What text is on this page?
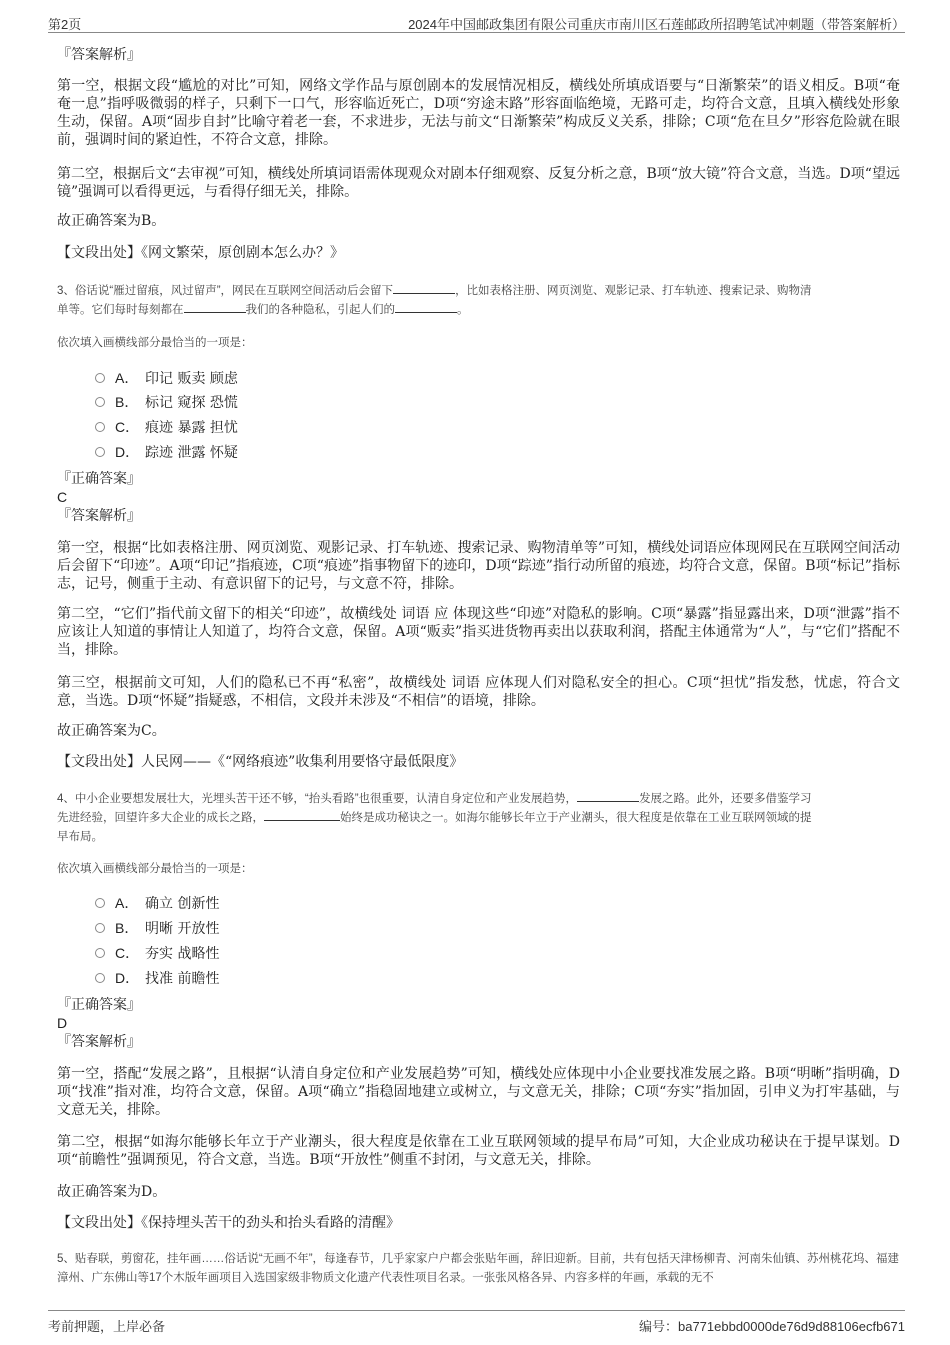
第2页	2024年中国邮政集团有限公司重庆市南川区石莲邮政所招聘笔试冲刺题（带答案解析）
『答案解析』

第一空，根据文段“尴尬的对比”可知，网络文学作品与原创剧本的发展情况相反，横线处所填成语要与“日渐繁荣”的语义相反。B项“奄奄一息”指呼吸微弱的样子，只剩下一口气，形容临近死亡，D项“穷途末路”形容面临绝境，无路可走，均符合文意，且填入横线处形象生动，保留。A项“固步自封”比喻守着老一套，不求进步，无法与前文“日渐繁荣”构成反义关系，排除；C项“危在旦夕”形容危险就在眼前，强调时间的紧迫性，不符合文意，排除。

第二空，根据后文“去审视”可知，横线处所填词语需体现观众对剧本仔细观察、反复分析之意，B项“放大镜”符合文意，当选。D项“望远镜”强调可以看得更远，与看得仔细无关，排除。

故正确答案为B。
【文段出处】《网文繁荣，原创剧本怎么办？》
3、俗话说“雁过留痕，风过留声”，网民在互联网空间活动后会留下	，比如表格注册、网页浏览、观影记录、打车轨迹、搜索记录、购物清
单等。它们每时每刻都在	我们的各种隐私，引起人们的	。
依次填入画横线部分最恰当的一项是：
A． 印记 贩卖 顾虑
B． 标记 窥探 恐慌
C． 痕迹 暴露 担忧
D． 踪迹 泄露 怀疑
『正确答案』
C
『答案解析』

第一空，根据“比如表格注册、网页浏览、观影记录、打车轨迹、搜索记录、购物清单等”可知，横线处词语应体现网民在互联网空间活动后会留下“印迹”。A项“印记”指痕迹，C项“痕迹”指事物留下的迹印，D项“踪迹”指行动所留的痕迹，均符合文意，保留。B项“标记”指标志，记号，侧重于主动、有意识留下的记号，与文意不符，排除。

第二空，“它们”指代前文留下的相关“印迹”，故横线处 词语 应 体现这些“印迹”对隐私的影响。C项“暴露”指显露出来，D项“泄露”指不应该让人知道的事情让人知道了，均符合文意，保留。A项“贩卖”指买进货物再卖出以获取利润，搭配主体通常为“人”，与“它们”搭配不当，排除。

第三空，根据前文可知，人们的隐私已不再“私密”，故横线处 词语 应体现人们对隐私安全的担心。C项“担忧”指发愁，忧虑，符合文意，当选。D项“怀疑”指疑惑，不相信，文段并未涉及“不相信”的语境，排除。

故正确答案为C。
【文段出处】人民网——《“网络痕迹”收集利用要恪守最低限度》
4、中小企业要想发展壮大，光埋头苦干还不够，“抬头看路”也很重要，认清自身定位和产业发展趋势，	发展之路。此外，还要多借鉴学习
先进经验，回望许多大企业的成长之路，	始终是成功秘诀之一。如海尔能够长年立于产业潮头，很大程度是依靠在工业互联网领域的提
早布局。
依次填入画横线部分最恰当的一项是：
A． 确立 创新性
B． 明晰 开放性
C． 夯实 战略性
D． 找准 前瞻性
『正确答案』
D
『答案解析』

第一空，搭配“发展之路”，且根据“认清自身定位和产业发展趋势”可知，横线处应体现中小企业要找准发展之路。B项“明晰”指明确，D项“找准”指对准，均符合文意，保留。A项“确立”指稳固地建立或树立，与文意无关，排除；C项“夯实”指加固，引申义为打牢基础，与文意无关，排除。

第二空，根据“如海尔能够长年立于产业潮头，很大程度是依靠在工业互联网领域的提早布局”可知，大企业成功秘诀在于提早谋划。D项“前瞻性”强调预见，符合文意，当选。B项“开放性”侧重不封闭，与文意无关，排除。

故正确答案为D。
【文段出处】《保持埋头苦干的劲头和抬头看路的清醒》

5、贴春联，剪窗花，挂年画……俗话说“无画不年”，每逢春节，几乎家家户户都会张贴年画，辞旧迎新。目前，共有包括天津杨柳青、河南朱仙镇、苏州桃花坞、福建漳州、广东佛山等17个木版年画项目入选国家级非物质文化遗产代表性项目名录。一张张风格各异、内容多样的年画，承载的无不

考前押题，上岸必备	编号：ba771ebbd0000de76d9d88106ecfb671
